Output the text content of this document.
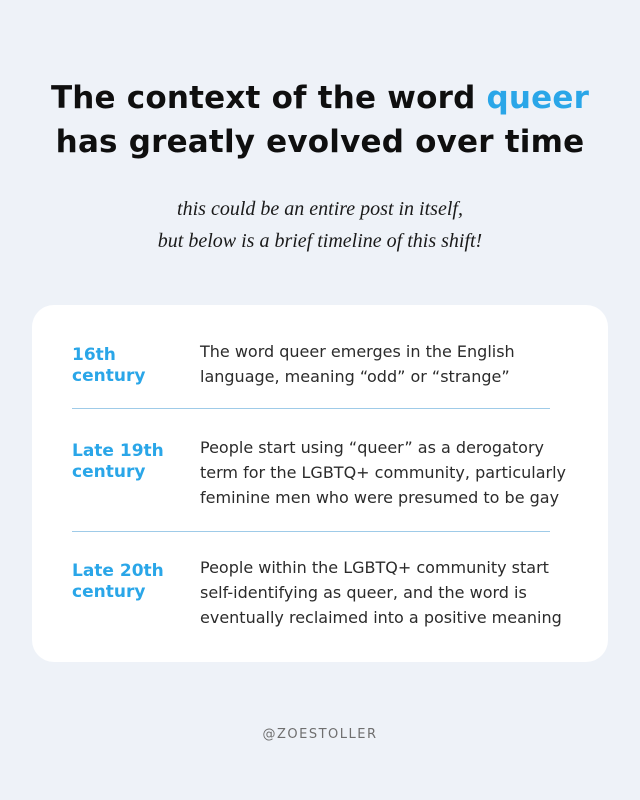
The context of the word queer
has greatly evolved over time
this could be an entire post in itself,
but below is a brief timeline of this shift!
16th
century
The word queer emerges in the English
language, meaning “odd” or “strange”
Late 19th
century
People start using “queer” as a derogatory
term for the LGBTQ+ community, particularly
feminine men who were presumed to be gay
Late 20th
century
People within the LGBTQ+ community start
self-identifying as queer, and the word is
eventually reclaimed into a positive meaning
@ZOESTOLLER
